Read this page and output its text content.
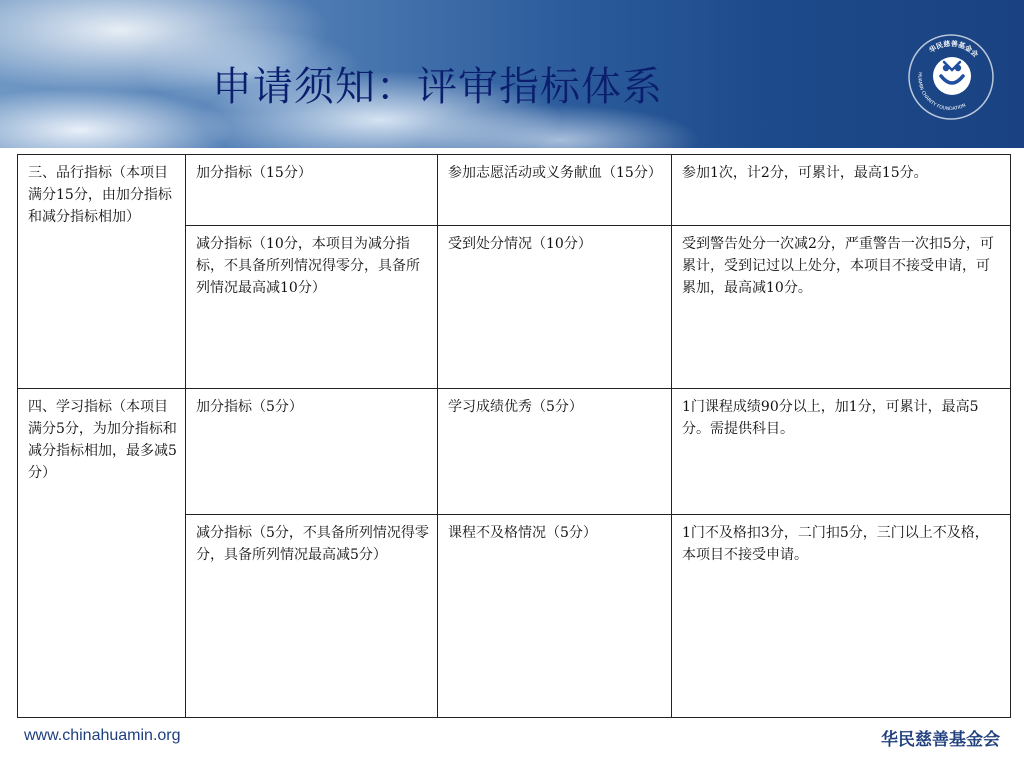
申请须知：评审指标体系
华民慈善基金会
HUAMIN CHARITY FOUNDATION
三、品行指标（本项目满分15分，由加分指标和减分指标相加）	加分指标（15分）	参加志愿活动或义务献血（15分）	参加1次，计2分，可累计，最高15分。
	减分指标（10分，本项目为减分指标，不具备所列情况得零分，具备所列情况最高减10分）	受到处分情况（10分）	受到警告处分一次减2分，严重警告一次扣5分，可累计，受到记过以上处分，本项目不接受申请，可累加，最高减10分。
四、学习指标（本项目满分5分，为加分指标和减分指标相加，最多减5分）	加分指标（5分）	学习成绩优秀（5分）	1门课程成绩90分以上，加1分，可累计，最高5分。需提供科目。
	减分指标（5分，不具备所列情况得零分，具备所列情况最高减5分）	课程不及格情况（5分）	1门不及格扣3分，二门扣5分，三门以上不及格，本项目不接受申请。
www.chinahuamin.org	华民慈善基金会
